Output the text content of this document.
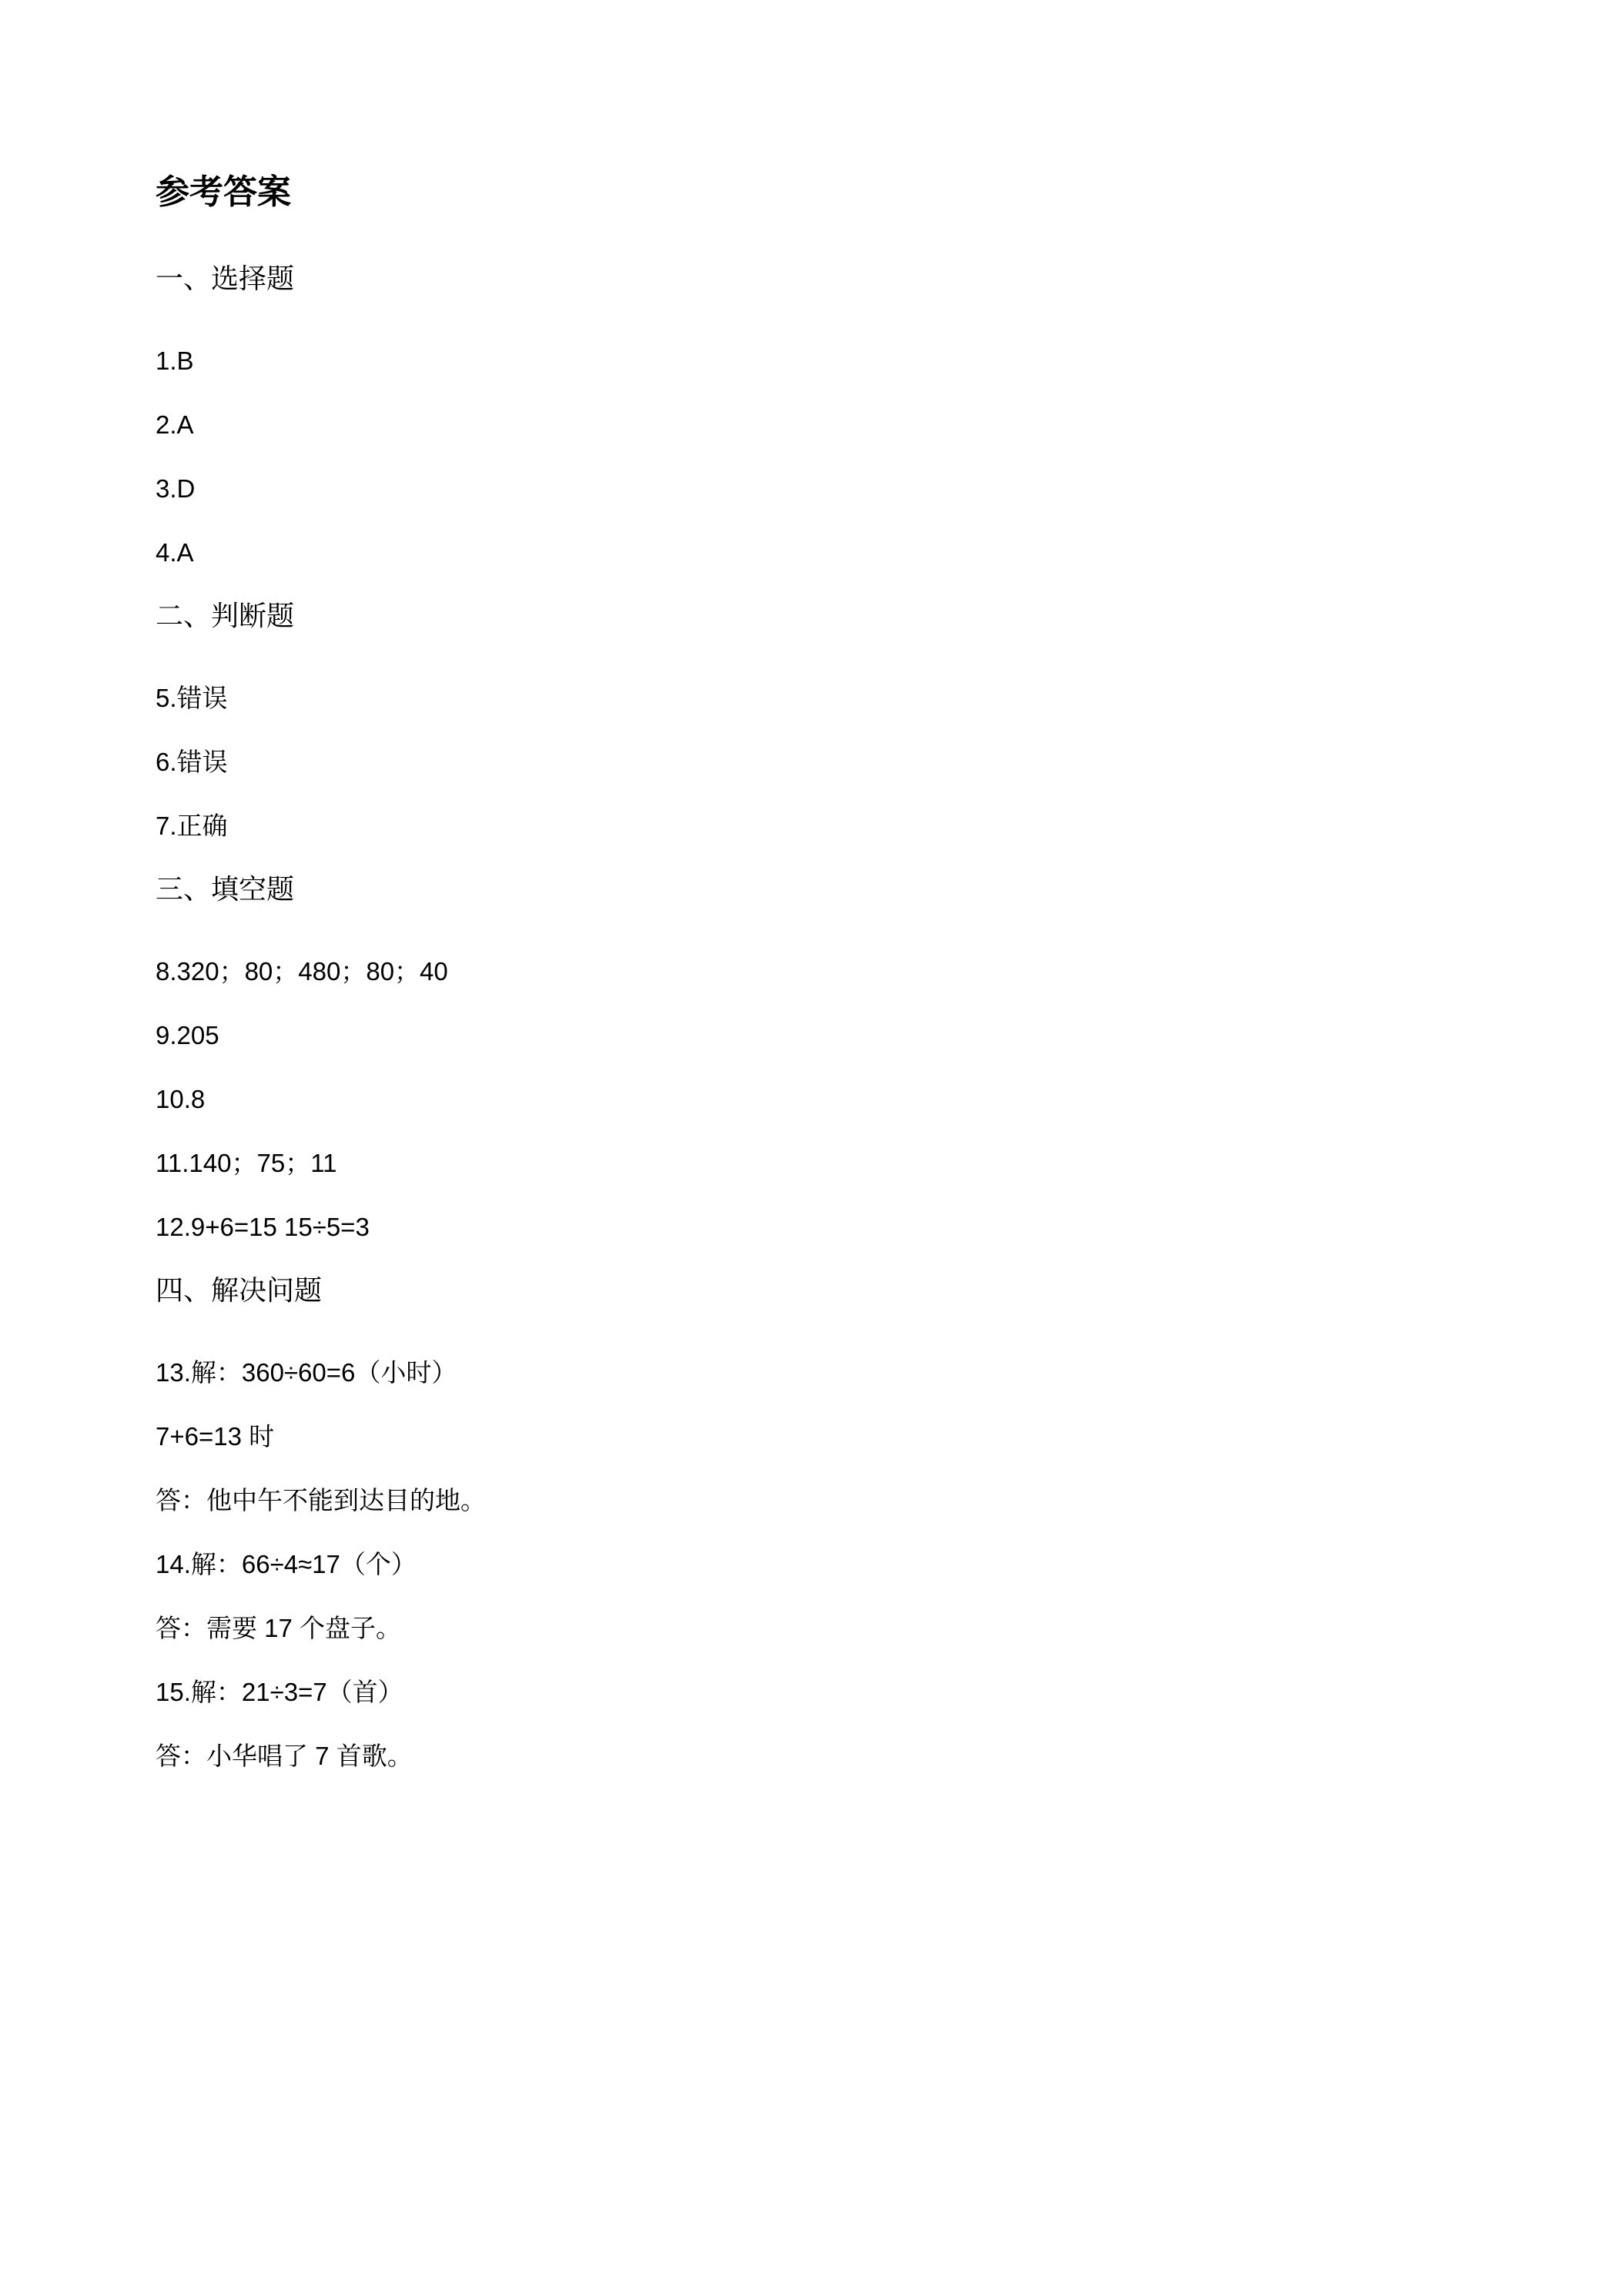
参考答案
一、选择题
1.B
2.A
3.D
4.A
二、判断题
5.错误
6.错误
7.正确
三、填空题
8.320；80；480；80；40
9.205
10.8
11.140；75；11
12.9+6=15 15÷5=3
四、解决问题
13.解：360÷60=6（小时）
7+6=13 时
答：他中午不能到达目的地。
14.解：66÷4≈17（个）
答：需要 17 个盘子。
15.解：21÷3=7（首）
答：小华唱了 7 首歌。
